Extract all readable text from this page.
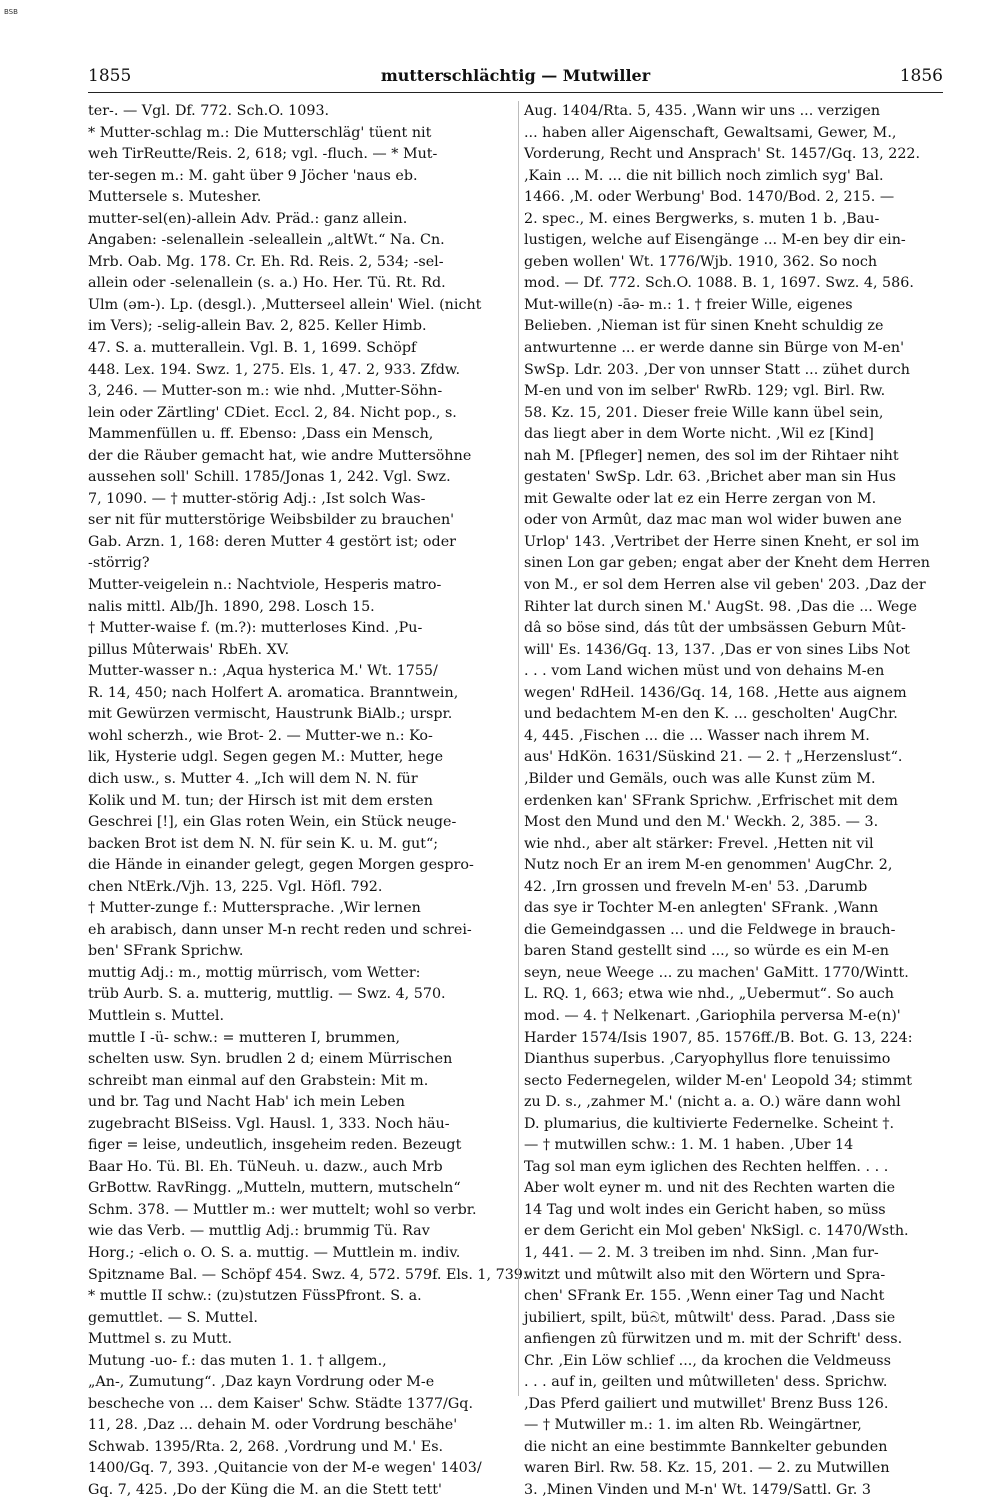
BSB
1855	mutterschlächtig — Mutwiller	1856
ter-. — Vgl. Df. 772. Sch.O. 1093.
* Mutter-schlag m.: Die Mutterschläg' tüent nit
weh TirReutte/Reis. 2, 618; vgl. -fluch. — * Mut-
ter-segen m.: M. gaht über 9 Jöcher 'naus eb.
Muttersele s. Mutesher.
mutter-sel(en)-allein Adv. Präd.: ganz allein.
Angaben: -selenallein -seleallein „altWt.“ Na. Cn.
Mrb. Oab. Mg. 178. Cr. Eh. Rd. Reis. 2, 534; -sel-
allein oder -selenallein (s. a.) Ho. Her. Tü. Rt. Rd.
Ulm (əm-). Lp. (desgl.). ‚Mutterseel allein' Wiel. (nicht
im Vers); -selig-allein Bav. 2, 825. Keller Himb.
47. S. a. mutterallein. Vgl. B. 1, 1699. Schöpf
448. Lex. 194. Swz. 1, 275. Els. 1, 47. 2, 933. Zfdw.
3, 246. — Mutter-son m.: wie nhd. ‚Mutter-Söhn-
lein oder Zärtling' CDiet. Eccl. 2, 84. Nicht pop., s.
Mammenfüllen u. ff. Ebenso: ‚Dass ein Mensch,
der die Räuber gemacht hat, wie andre Muttersöhne
aussehen soll' Schill. 1785/Jonas 1, 242. Vgl. Swz.
7, 1090. — † mutter-störig Adj.: ‚Ist solch Was-
ser nit für mutterstörige Weibsbilder zu brauchen'
Gab. Arzn. 1, 168: deren Mutter 4 gestört ist; oder
-störrig?
Mutter-veigelein n.: Nachtviole, Hesperis matro-
nalis mittl. Alb/Jh. 1890, 298. Losch 15.
† Mutter-waise f. (m.?): mutterloses Kind. ‚Pu-
pillus Mûterwais' RbEh. XV.
Mutter-wasser n.: ‚Aqua hysterica M.' Wt. 1755/
R. 14, 450; nach Holfert A. aromatica. Branntwein,
mit Gewürzen vermischt, Haustrunk BiAlb.; urspr.
wohl scherzh., wie Brot- 2. — Mutter-we n.: Ko-
lik, Hysterie udgl. Segen gegen M.: Mutter, hege
dich usw., s. Mutter 4. „Ich will dem N. N. für
Kolik und M. tun; der Hirsch ist mit dem ersten
Geschrei [!], ein Glas roten Wein, ein Stück neuge-
backen Brot ist dem N. N. für sein K. u. M. gut“;
die Hände in einander gelegt, gegen Morgen gespro-
chen NtErk./Vjh. 13, 225. Vgl. Höfl. 792.
† Mutter-zunge f.: Muttersprache. ‚Wir lernen
eh arabisch, dann unser M-n recht reden und schrei-
ben' SFrank Sprichw.
muttig Adj.: m., mottig mürrisch, vom Wetter:
trüb Aurb. S. a. mutterig, muttlig. — Swz. 4, 570.
Muttlein s. Muttel.
muttle I -ü- schw.: = mutteren I, brummen,
schelten usw. Syn. brudlen 2 d; einem Mürrischen
schreibt man einmal auf den Grabstein: Mit m.
und br. Tag und Nacht Hab' ich mein Leben
zugebracht BlSeiss. Vgl. Hausl. 1, 333. Noch häu-
figer = leise, undeutlich, insgeheim reden. Bezeugt
Baar Ho. Tü. Bl. Eh. TüNeuh. u. dazw., auch Mrb
GrBottw. RavRingg. „Mutteln, muttern, mutscheln“
Schm. 378. — Muttler m.: wer muttelt; wohl so verbr.
wie das Verb. — muttlig Adj.: brummig Tü. Rav
Horg.; -elich o. O. S. a. muttig. — Muttlein m. indiv.
Spitzname Bal. — Schöpf 454. Swz. 4, 572. 579f. Els. 1, 739.
* muttle II schw.: (zu)stutzen FüssPfront. S. a.
gemuttlet. — S. Muttel.
Muttmel s. zu Mutt.
Mutung -uo- f.: das muten 1. 1. † allgem.,
„An-, Zumutung“. ‚Daz kayn Vordrung oder M-e
bescheche von ... dem Kaiser' Schw. Städte 1377/Gq.
11, 28. ‚Daz ... dehain M. oder Vordrung beschähe'
Schwab. 1395/Rta. 2, 268. ‚Vordrung und M.' Es.
1400/Gq. 7, 393. ‚Quitancie von der M-e wegen' 1403/
Gq. 7, 425. ‚Do der Küng die M. an die Stett tett'
Aug. 1404/Rta. 5, 435. ‚Wann wir uns ... verzigen
... haben aller Aigenschaft, Gewaltsami, Gewer, M.,
Vorderung, Recht und Ansprach' St. 1457/Gq. 13, 222.
‚Kain ... M. ... die nit billich noch zimlich syg' Bal.
1466. ‚M. oder Werbung' Bod. 1470/Bod. 2, 215. —
2. spec., M. eines Bergwerks, s. muten 1 b. ‚Bau-
lustigen, welche auf Eisengänge ... M-en bey dir ein-
geben wollen' Wt. 1776/Wjb. 1910, 362. So noch
mod. — Df. 772. Sch.O. 1088. B. 1, 1697. Swz. 4, 586.
Mut-wille(n) -āə- m.: 1. † freier Wille, eigenes
Belieben. ‚Nieman ist für sinen Kneht schuldig ze
antwurtenne ... er werde danne sin Bürge von M-en'
SwSp. Ldr. 203. ‚Der von unnser Statt ... zühet durch
M-en und von im selber' RwRb. 129; vgl. Birl. Rw.
58. Kz. 15, 201. Dieser freie Wille kann übel sein,
das liegt aber in dem Worte nicht. ‚Wil ez [Kind]
nah M. [Pfleger] nemen, des sol im der Rihtaer niht
gestaten' SwSp. Ldr. 63. ‚Brichet aber man sin Hus
mit Gewalte oder lat ez ein Herre zergan von M.
oder von Armût, daz mac man wol wider buwen ane
Urlop' 143. ‚Vertribet der Herre sinen Kneht, er sol im
sinen Lon gar geben; engat aber der Kneht dem Herren
von M., er sol dem Herren alse vil geben' 203. ‚Daz der
Rihter lat durch sinen M.' AugSt. 98. ‚Das die ... Wege
dâ so böse sind, dás tût der umbsässen Geburn Mût-
will' Es. 1436/Gq. 13, 137. ‚Das er von sines Libs Not
. . . vom Land wichen müst und von dehains M-en
wegen' RdHeil. 1436/Gq. 14, 168. ‚Hette aus aignem
und bedachtem M-en den K. ... gescholten' AugChr.
4, 445. ‚Fischen ... die ... Wasser nach ihrem M.
aus' HdKön. 1631/Süskind 21. — 2. † „Herzenslust“.
‚Bilder und Gemäls, ouch was alle Kunst züm M.
erdenken kan' SFrank Sprichw. ‚Erfrischet mit dem
Most den Mund und den M.' Weckh. 2, 385. — 3.
wie nhd., aber alt stärker: Frevel. ‚Hetten nit vil
Nutz noch Er an irem M-en genommen' AugChr. 2,
42. ‚Irn grossen und freveln M-en' 53. ‚Darumb
das sye ir Tochter M-en anlegten' SFrank. ‚Wann
die Gemeindgassen ... und die Feldwege in brauch-
baren Stand gestellt sind ..., so würde es ein M-en
seyn, neue Weege ... zu machen' GaMitt. 1770/Wintt.
L. RQ. 1, 663; etwa wie nhd., „Uebermut“. So auch
mod. — 4. † Nelkenart. ‚Gariophila perversa M-e(n)'
Harder 1574/Isis 1907, 85. 1576ff./B. Bot. G. 13, 224:
Dianthus superbus. ‚Caryophyllus flore tenuissimo
secto Federnegelen, wilder M-en' Leopold 34; stimmt
zu D. s., ‚zahmer M.' (nicht a. a. O.) wäre dann wohl
D. plumarius, die kultivierte Federnelke. Scheint †.
— † mutwillen schw.: 1. M. 1 haben. ‚Uber 14
Tag sol man eym iglichen des Rechten helffen. . . .
Aber wolt eyner m. und nit des Rechten warten die
14 Tag und wolt indes ein Gericht haben, so müss
er dem Gericht ein Mol geben' NkSigl. c. 1470/Wsth.
1, 441. — 2. M. 3 treiben im nhd. Sinn. ‚Man fur-
witzt und mûtwilt also mit den Wörtern und Spra-
chen' SFrank Er. 155. ‚Wenn einer Tag und Nacht
jubiliert, spilt, büබt, mûtwilt' dess. Parad. ‚Dass sie
anfiengen zû fürwitzen und m. mit der Schrift' dess.
Chr. ‚Ein Löw schlief ..., da krochen die Veldmeuss
. . . auf in, geilten und mûtwilleten' dess. Sprichw.
‚Das Pferd gailiert und mutwillet' Brenz Buss 126.
— † Mutwiller m.: 1. im alten Rb. Weingärtner,
die nicht an eine bestimmte Bannkelter gebunden
waren Birl. Rw. 58. Kz. 15, 201. — 2. zu Mutwillen
3. ‚Minen Vinden und M-n' Wt. 1479/Sattl. Gr. 3
